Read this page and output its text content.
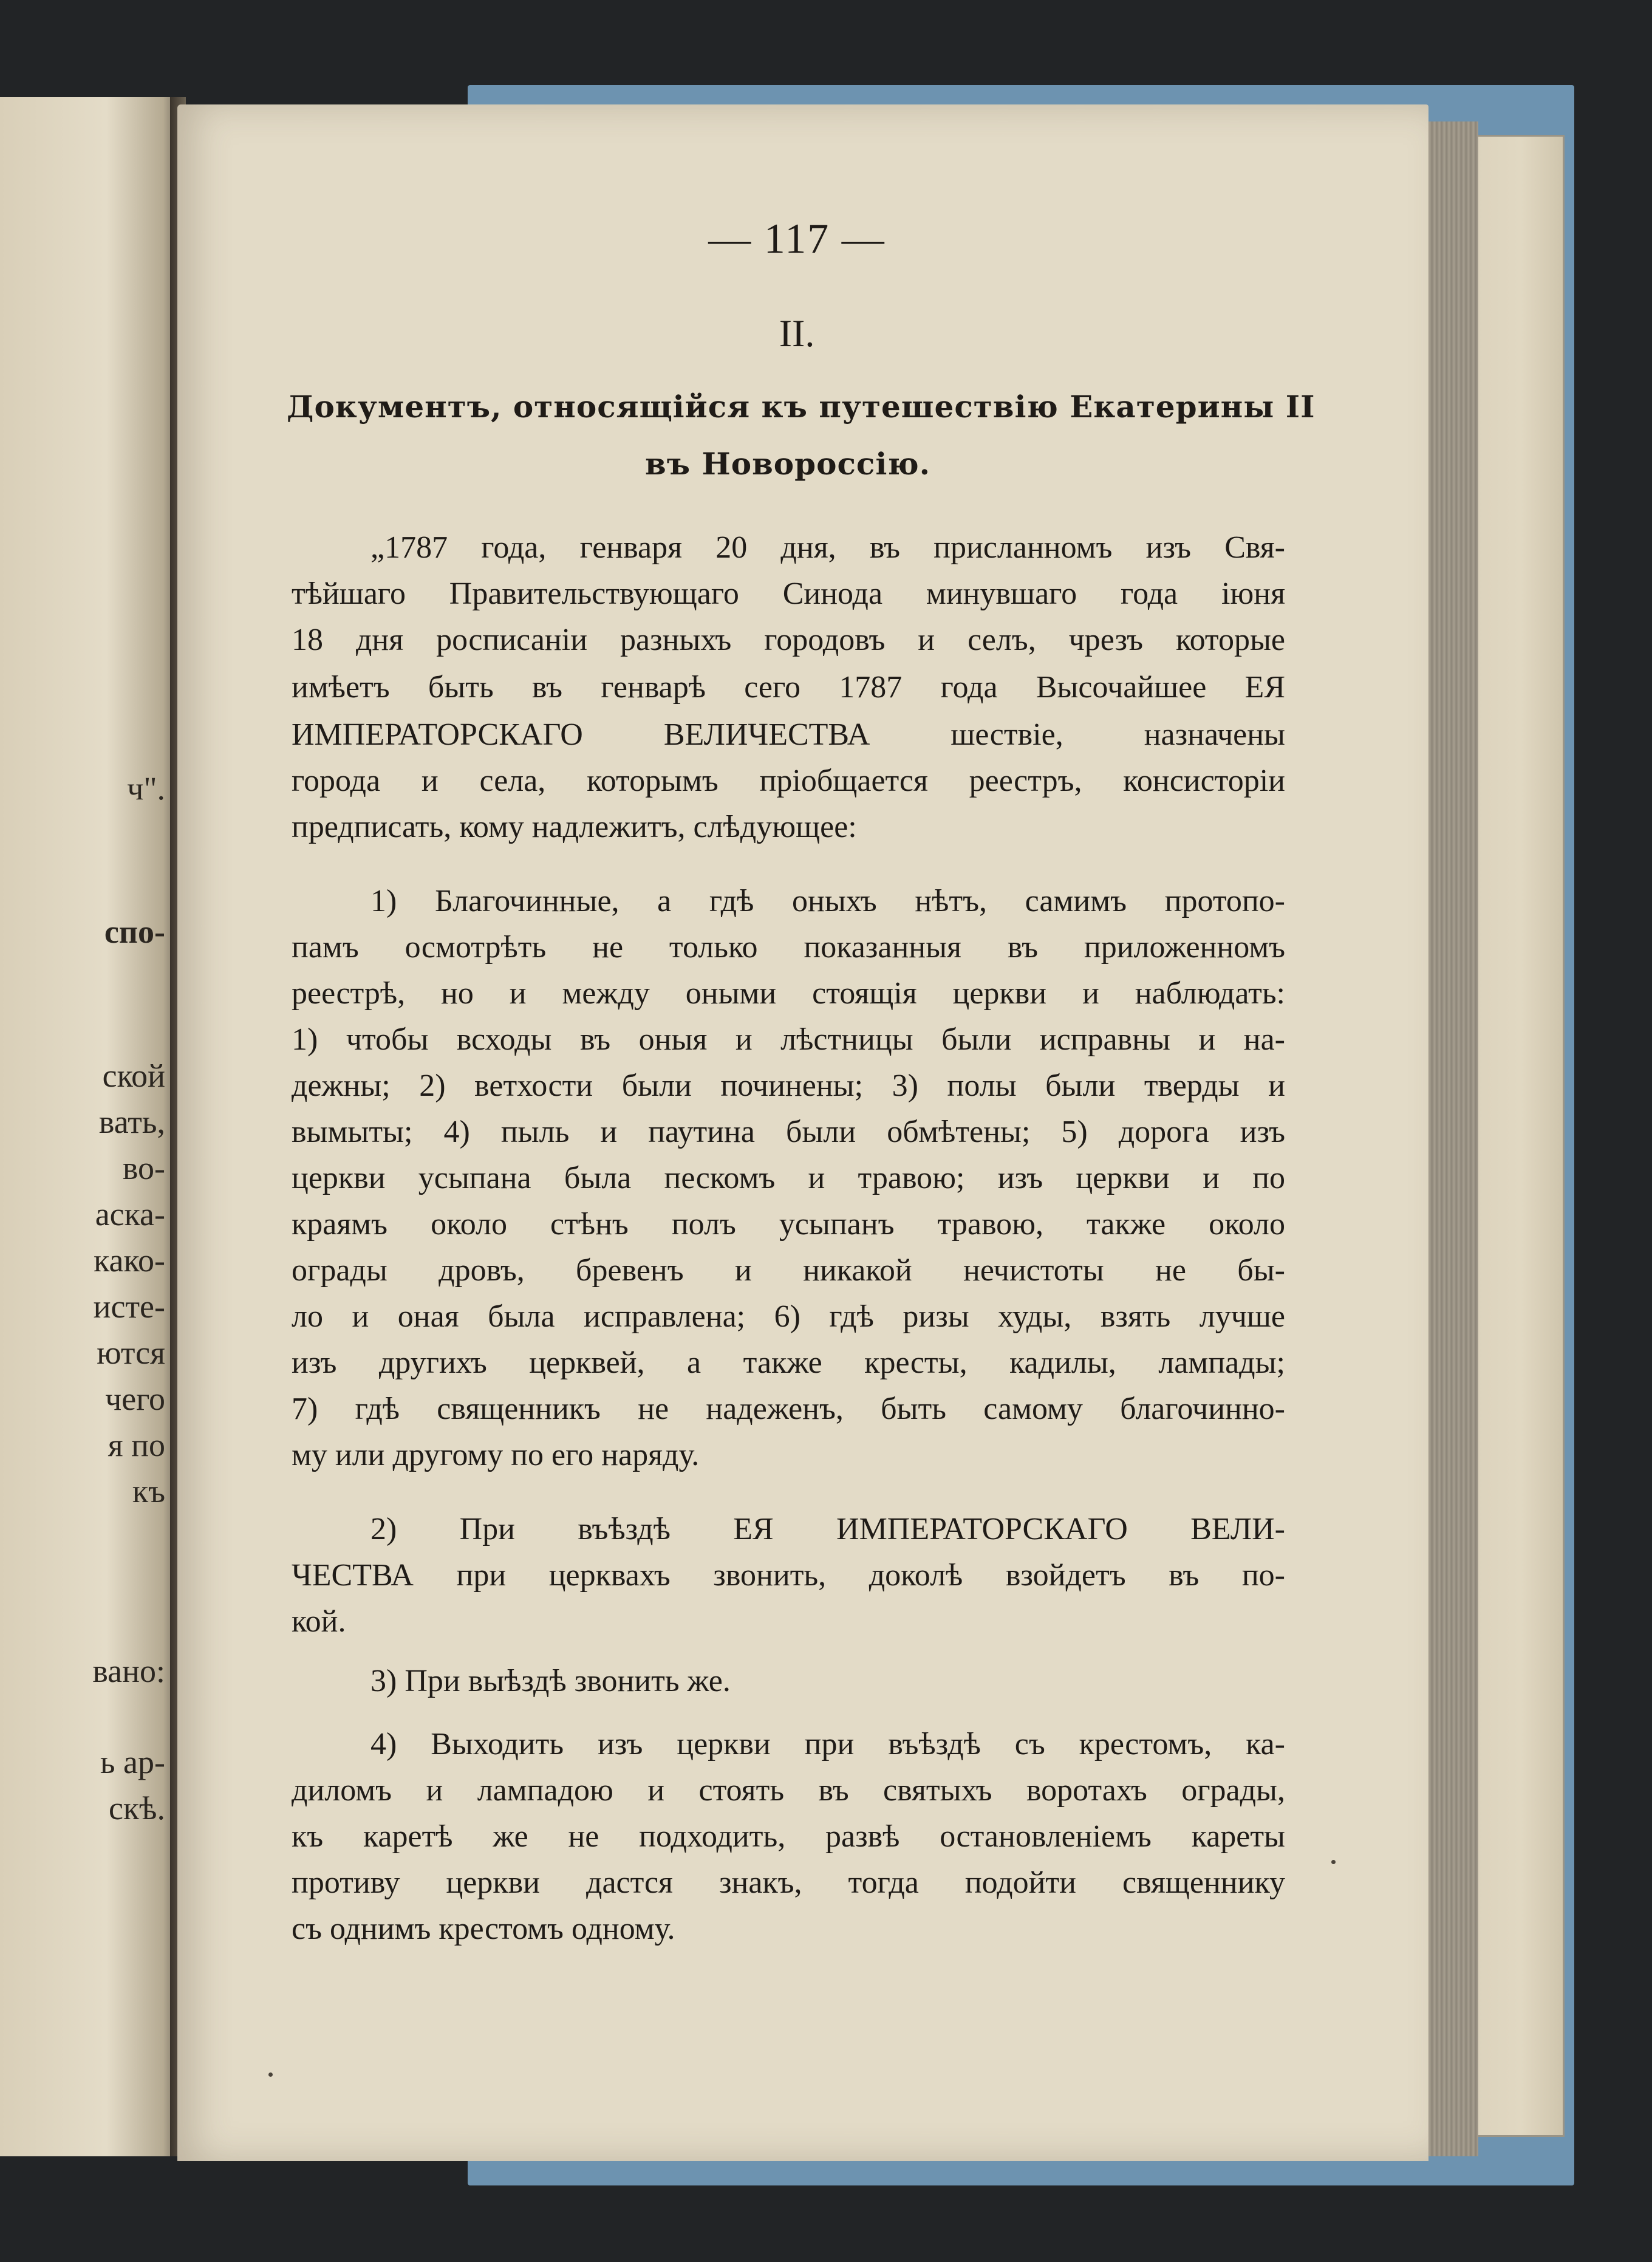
ч".
спо-
ской
вать,
во-
аска-
како-
исте-
ются
чего
я по
къ
вано:
ь ар-
скѣ.
— 117 —
II.
Документъ, относящійся къ путешествію Екатерины II
въ Новороссію.
„1787 года, генваря 20 дня, въ присланномъ изъ Свя-
тѣйшаго Правительствующаго Синода минувшаго года іюня
18 дня росписаніи разныхъ городовъ и селъ, чрезъ которые
имѣетъ быть въ генварѣ сего 1787 года Высочайшее ЕЯ
ИМПЕРАТОРСКАГО ВЕЛИЧЕСТВА шествіе, назначены
города и села, которымъ пріобщается реестръ, консисторіи
предписать, кому надлежитъ, слѣдующее:
1) Благочинные, а гдѣ оныхъ нѣтъ, самимъ протопо-
памъ осмотрѣть не только показанныя въ приложенномъ
реестрѣ, но и между оными стоящія церкви и наблюдать:
1) чтобы всходы въ оныя и лѣстницы были исправны и на-
дежны; 2) ветхости были починены; 3) полы были тверды и
вымыты; 4) пыль и паутина были обмѣтены; 5) дорога изъ
церкви усыпана была пескомъ и травою; изъ церкви и по
краямъ около стѣнъ полъ усыпанъ травою, также около
ограды дровъ, бревенъ и никакой нечистоты не бы-
ло и оная была исправлена; 6) гдѣ ризы худы, взять лучше
изъ другихъ церквей, а также кресты, кадилы, лампады;
7) гдѣ священникъ не надеженъ, быть самому благочинно-
му или другому по его наряду.
2) При въѣздѣ ЕЯ ИМПЕРАТОРСКАГО ВЕЛИ-
ЧЕСТВА при церквахъ звонить, доколѣ взойдетъ въ по-
кой.
3) При выѣздѣ звонить же.
4) Выходить изъ церкви при въѣздѣ съ крестомъ, ка-
диломъ и лампадою и стоять въ святыхъ воротахъ ограды,
къ каретѣ же не подходить, развѣ остановленіемъ кареты
противу церкви дастся знакъ, тогда подойти священнику
съ однимъ крестомъ одному.
